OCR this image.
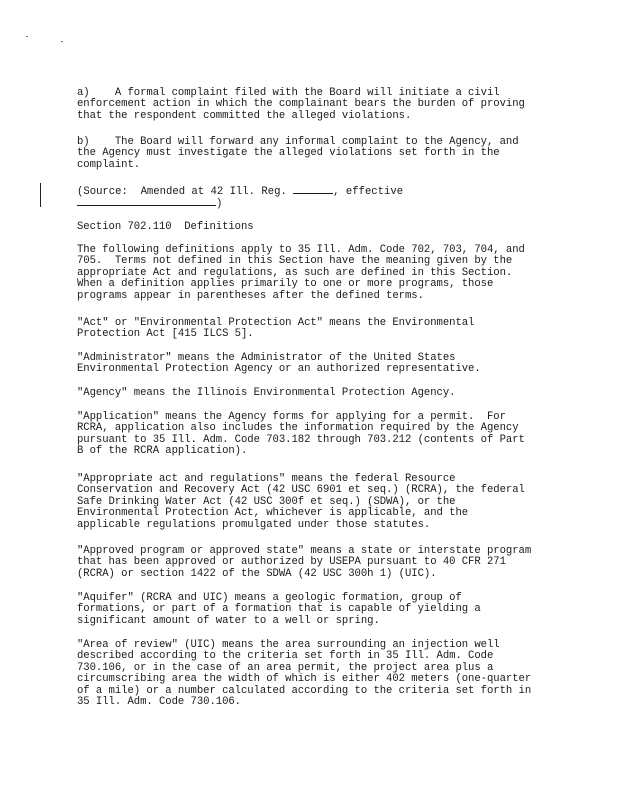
a)    A formal complaint filed with the Board will initiate a civil
enforcement action in which the complainant bears the burden of proving
that the respondent committed the alleged violations.

b)    The Board will forward any informal complaint to the Agency, and
the Agency must investigate the alleged violations set forth in the
complaint.

(Source:  Amended at 42 Ill. Reg.	, effective
)

Section 702.110  Definitions

The following definitions apply to 35 Ill. Adm. Code 702, 703, 704, and
705.  Terms not defined in this Section have the meaning given by the
appropriate Act and regulations, as such are defined in this Section.
When a definition applies primarily to one or more programs, those
programs appear in parentheses after the defined terms.

"Act" or "Environmental Protection Act" means the Environmental
Protection Act [415 ILCS 5].

"Administrator" means the Administrator of the United States
Environmental Protection Agency or an authorized representative.

"Agency" means the Illinois Environmental Protection Agency.

"Application" means the Agency forms for applying for a permit.  For
RCRA, application also includes the information required by the Agency
pursuant to 35 Ill. Adm. Code 703.182 through 703.212 (contents of Part
B of the RCRA application).

"Appropriate act and regulations" means the federal Resource
Conservation and Recovery Act (42 USC 6901 et seq.) (RCRA), the federal
Safe Drinking Water Act (42 USC 300f et seq.) (SDWA), or the
Environmental Protection Act, whichever is applicable, and the
applicable regulations promulgated under those statutes.

"Approved program or approved state" means a state or interstate program
that has been approved or authorized by USEPA pursuant to 40 CFR 271
(RCRA) or section 1422 of the SDWA (42 USC 300h 1) (UIC).

"Aquifer" (RCRA and UIC) means a geologic formation, group of
formations, or part of a formation that is capable of yielding a
significant amount of water to a well or spring.

"Area of review" (UIC) means the area surrounding an injection well
described according to the criteria set forth in 35 Ill. Adm. Code
730.106, or in the case of an area permit, the project area plus a
circumscribing area the width of which is either 402 meters (one-quarter
of a mile) or a number calculated according to the criteria set forth in
35 Ill. Adm. Code 730.106.
